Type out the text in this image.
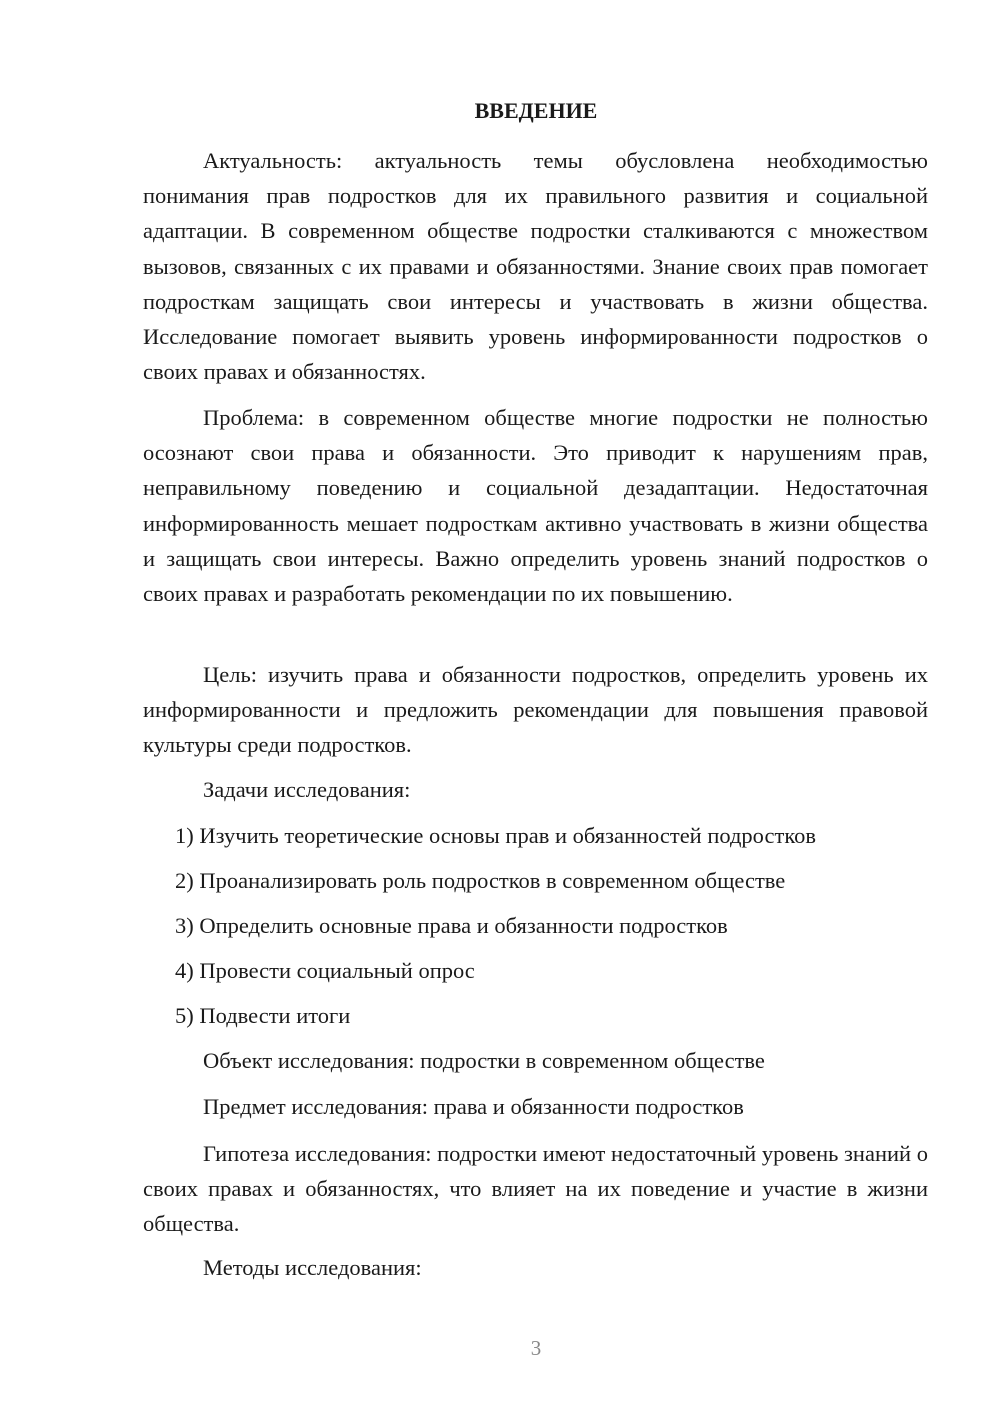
ВВЕДЕНИЕ

Актуальность: актуальность темы обусловлена необходимостью понимания прав подростков для их правильного развития и социальной адаптации. В современном обществе подростки сталкиваются с множеством вызовов, связанных с их правами и обязанностями. Знание своих прав помогает подросткам защищать свои интересы и участвовать в жизни общества. Исследование помогает выявить уровень информированности подростков о своих правах и обязанностях.

Проблема: в современном обществе многие подростки не полностью осознают свои права и обязанности. Это приводит к нарушениям прав, неправильному поведению и социальной дезадаптации. Недостаточная информированность мешает подросткам активно участвовать в жизни общества и защищать свои интересы. Важно определить уровень знаний подростков о своих правах и разработать рекомендации по их повышению.

Цель: изучить права и обязанности подростков, определить уровень их информированности и предложить рекомендации для повышения правовой культуры среди подростков.

Задачи исследования:

1) Изучить теоретические основы прав и обязанностей подростков

2) Проанализировать роль подростков в современном обществе

3) Определить основные права и обязанности подростков

4) Провести социальный опрос

5) Подвести итоги

Объект исследования: подростки в современном обществе

Предмет исследования: права и обязанности подростков

Гипотеза исследования: подростки имеют недостаточный уровень знаний о своих правах и обязанностях, что влияет на их поведение и участие в жизни общества.

Методы исследования:

3
